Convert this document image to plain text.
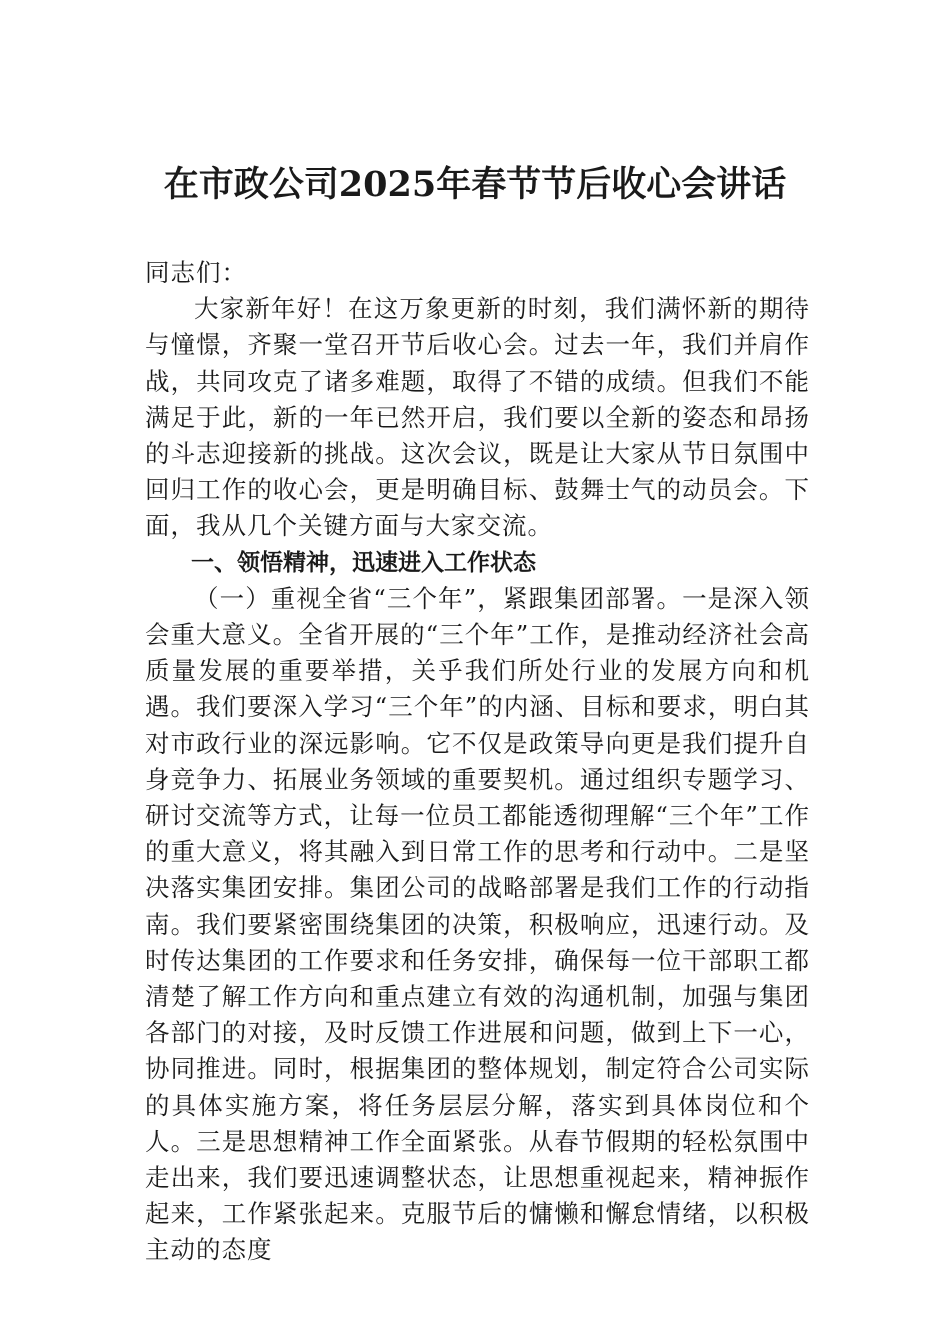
在市政公司2025年春节节后收心会讲话

同志们：

大家新年好！在这万象更新的时刻，我们满怀新的期待与憧憬，齐聚一堂召开节后收心会。过去一年，我们并肩作战，共同攻克了诸多难题，取得了不错的成绩。但我们不能满足于此，新的一年已然开启，我们要以全新的姿态和昂扬的斗志迎接新的挑战。这次会议，既是让大家从节日氛围中回归工作的收心会，更是明确目标、鼓舞士气的动员会。下面，我从几个关键方面与大家交流。

一、领悟精神，迅速进入工作状态

（一）重视全省“三个年”，紧跟集团部署。一是深入领会重大意义。全省开展的“三个年”工作，是推动经济社会高质量发展的重要举措，关乎我们所处行业的发展方向和机遇。我们要深入学习“三个年”的内涵、目标和要求，明白其对市政行业的深远影响。它不仅是政策导向更是我们提升自身竞争力、拓展业务领域的重要契机。通过组织专题学习、研讨交流等方式，让每一位员工都能透彻理解“三个年”工作的重大意义，将其融入到日常工作的思考和行动中。二是坚决落实集团安排。集团公司的战略部署是我们工作的行动指南。我们要紧密围绕集团的决策，积极响应，迅速行动。及时传达集团的工作要求和任务安排，确保每一位干部职工都清楚了解工作方向和重点建立有效的沟通机制，加强与集团各部门的对接，及时反馈工作进展和问题，做到上下一心，协同推进。同时，根据集团的整体规划，制定符合公司实际的具体实施方案，将任务层层分解，落实到具体岗位和个人。三是思想精神工作全面紧张。从春节假期的轻松氛围中走出来，我们要迅速调整状态，让思想重视起来，精神振作起来，工作紧张起来。克服节后的慵懒和懈怠情绪，以积极主动的态度
